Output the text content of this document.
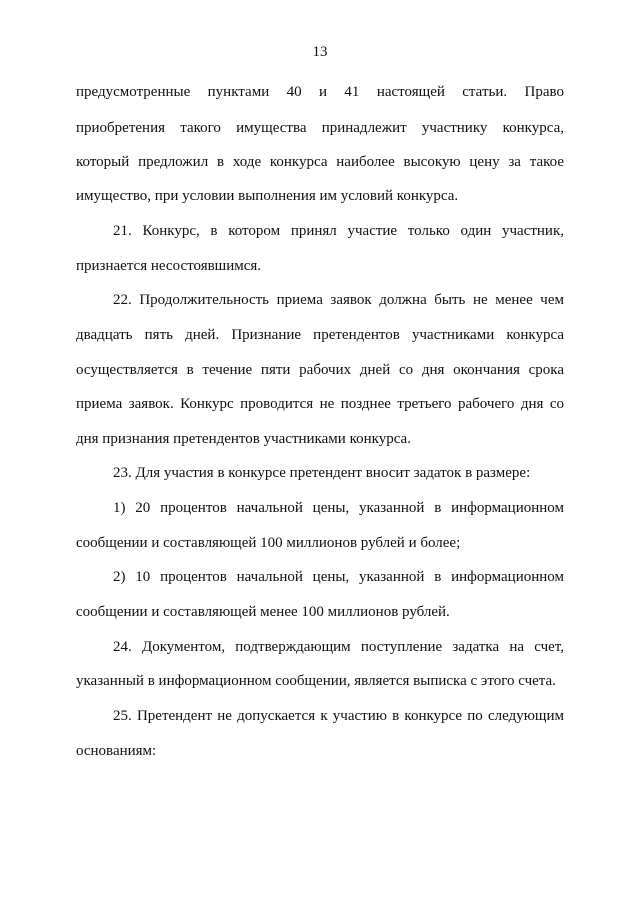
13
предусмотренные пунктами 40 и 41 настоящей статьи. Право
приобретения такого имущества принадлежит участнику конкурса,
который предложил в ходе конкурса наиболее высокую цену за такое
имущество, при условии выполнения им условий конкурса.
21. Конкурс, в котором принял участие только один участник,
признается несостоявшимся.
22. Продолжительность приема заявок должна быть не менее чем
двадцать пять дней. Признание претендентов участниками конкурса
осуществляется в течение пяти рабочих дней со дня окончания срока
приема заявок. Конкурс проводится не позднее третьего рабочего дня со
дня признания претендентов участниками конкурса.
23. Для участия в конкурсе претендент вносит задаток в размере:
1) 20 процентов начальной цены, указанной в информационном
сообщении и составляющей 100 миллионов рублей и более;
2) 10 процентов начальной цены, указанной в информационном
сообщении и составляющей менее 100 миллионов рублей.
24. Документом, подтверждающим поступление задатка на счет,
указанный в информационном сообщении, является выписка с этого счета.
25. Претендент не допускается к участию в конкурсе по следующим
основаниям:
